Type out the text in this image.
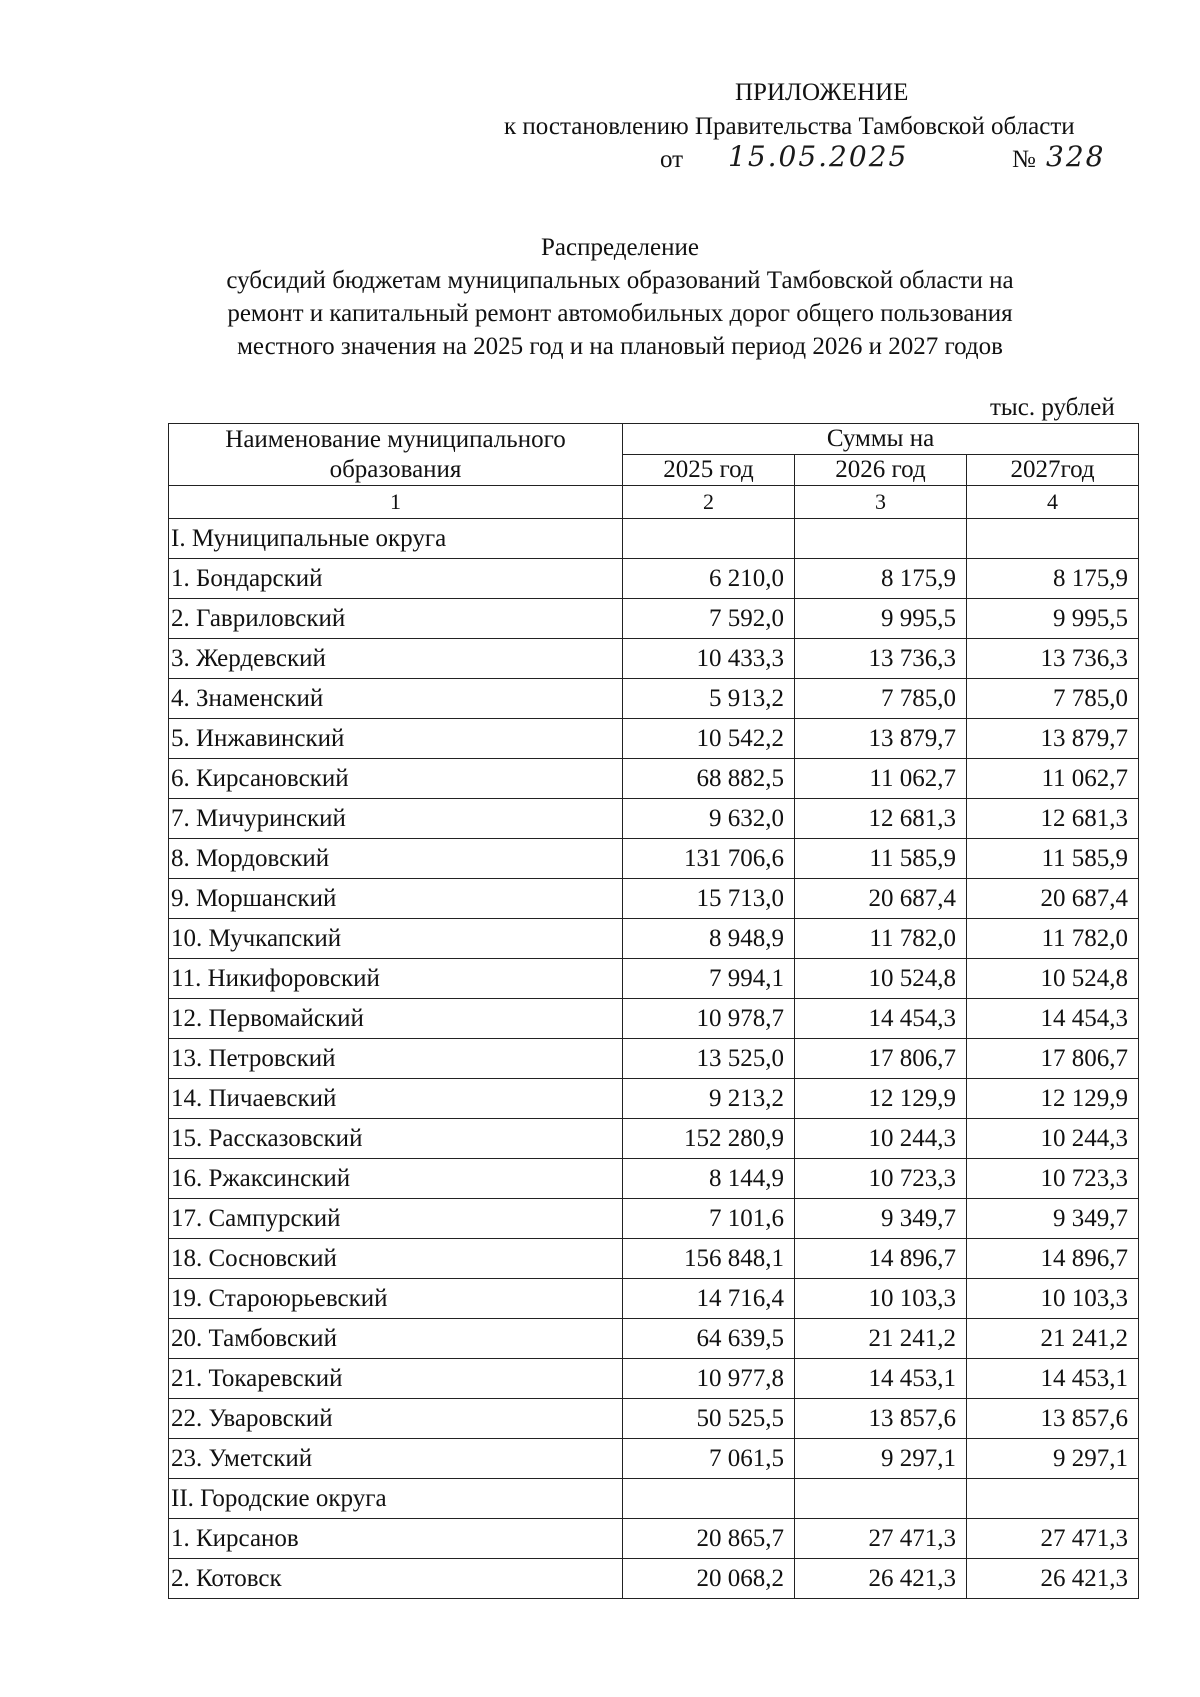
ПРИЛОЖЕНИЕ
к постановлению Правительства Тамбовской области
от 15.05.2025	№ 328
Распределение
субсидий бюджетам муниципальных образований Тамбовской области на
ремонт и капитальный ремонт автомобильных дорог общего пользования
местного значения на 2025 год и на плановый период 2026 и 2027 годов
тыс. рублей
Наименование муниципального образования	Суммы на		
	2025 год	2026 год	2027год
1	2	3	4
I. Муниципальные округа			
1. Бондарский	6 210,0	8 175,9	8 175,9
2. Гавриловский	7 592,0	9 995,5	9 995,5
3. Жердевский	10 433,3	13 736,3	13 736,3
4. Знаменский	5 913,2	7 785,0	7 785,0
5. Инжавинский	10 542,2	13 879,7	13 879,7
6. Кирсановский	68 882,5	11 062,7	11 062,7
7. Мичуринский	9 632,0	12 681,3	12 681,3
8. Мордовский	131 706,6	11 585,9	11 585,9
9. Моршанский	15 713,0	20 687,4	20 687,4
10. Мучкапский	8 948,9	11 782,0	11 782,0
11. Никифоровский	7 994,1	10 524,8	10 524,8
12. Первомайский	10 978,7	14 454,3	14 454,3
13. Петровский	13 525,0	17 806,7	17 806,7
14. Пичаевский	9 213,2	12 129,9	12 129,9
15. Рассказовский	152 280,9	10 244,3	10 244,3
16. Ржаксинский	8 144,9	10 723,3	10 723,3
17. Сампурский	7 101,6	9 349,7	9 349,7
18. Сосновский	156 848,1	14 896,7	14 896,7
19. Староюрьевский	14 716,4	10 103,3	10 103,3
20. Тамбовский	64 639,5	21 241,2	21 241,2
21. Токаревский	10 977,8	14 453,1	14 453,1
22. Уваровский	50 525,5	13 857,6	13 857,6
23. Уметский	7 061,5	9 297,1	9 297,1
II. Городские округа			
1. Кирсанов	20 865,7	27 471,3	27 471,3
2. Котовск	20 068,2	26 421,3	26 421,3
